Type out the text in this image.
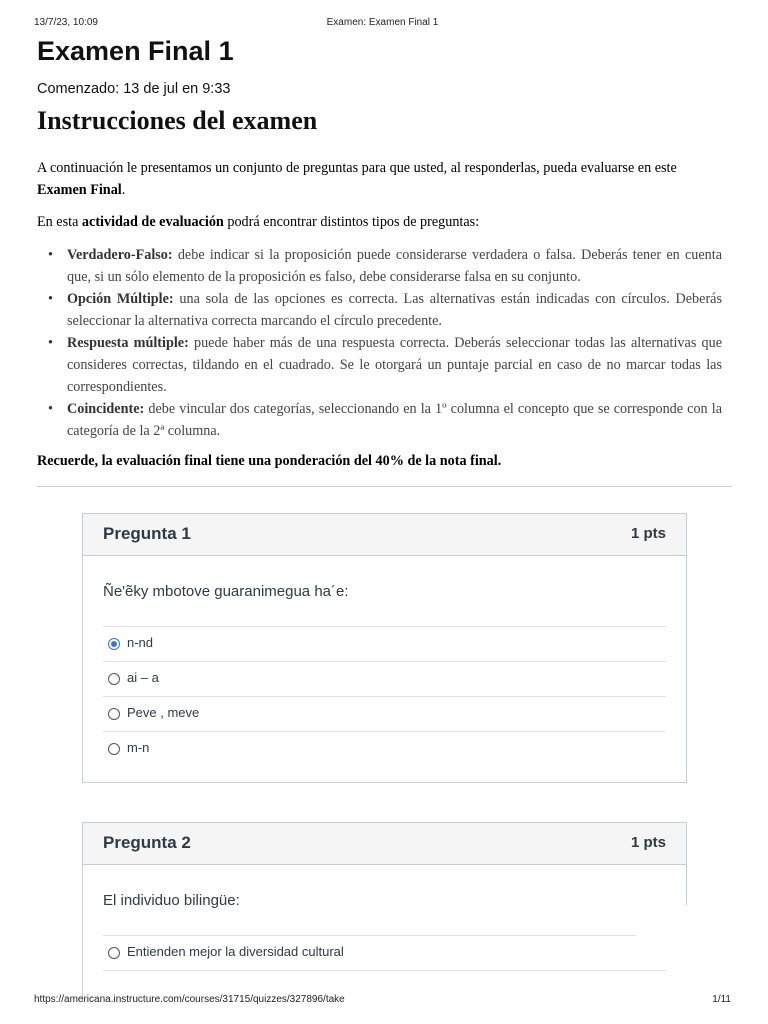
13/7/23, 10:09	Examen: Examen Final 1
Examen Final 1
Comenzado: 13 de jul en 9:33
Instrucciones del examen

A continuación le presentamos un conjunto de preguntas para que usted, al responderlas, pueda evaluarse en este Examen Final.

En esta actividad de evaluación podrá encontrar distintos tipos de preguntas:

• Verdadero-Falso: debe indicar si la proposición puede considerarse verdadera o falsa. Deberás tener en cuenta que, si un sólo elemento de la proposición es falso, debe considerarse falsa en su conjunto.
• Opción Múltiple: una sola de las opciones es correcta. Las alternativas están indicadas con círculos. Deberás seleccionar la alternativa correcta marcando el círculo precedente.
• Respuesta múltiple: puede haber más de una respuesta correcta. Deberás seleccionar todas las alternativas que consideres correctas, tildando en el cuadrado. Se le otorgará un puntaje parcial en caso de no marcar todas las correspondientes.
• Coincidente: debe vincular dos categorías, seleccionando en la 1º columna el concepto que se corresponde con la categoría de la 2ª columna.

Recuerde, la evaluación final tiene una ponderación del 40% de la nota final.

Pregunta 1	1 pts
Ñe'ẽky mbotove guaranimegua ha´e:
n-nd
ai – a
Peve , meve
m-n
Pregunta 2	1 pts
El individuo bilingüe:
Entienden mejor la diversidad cultural
https://americana.instructure.com/courses/31715/quizzes/327896/take	1/11
